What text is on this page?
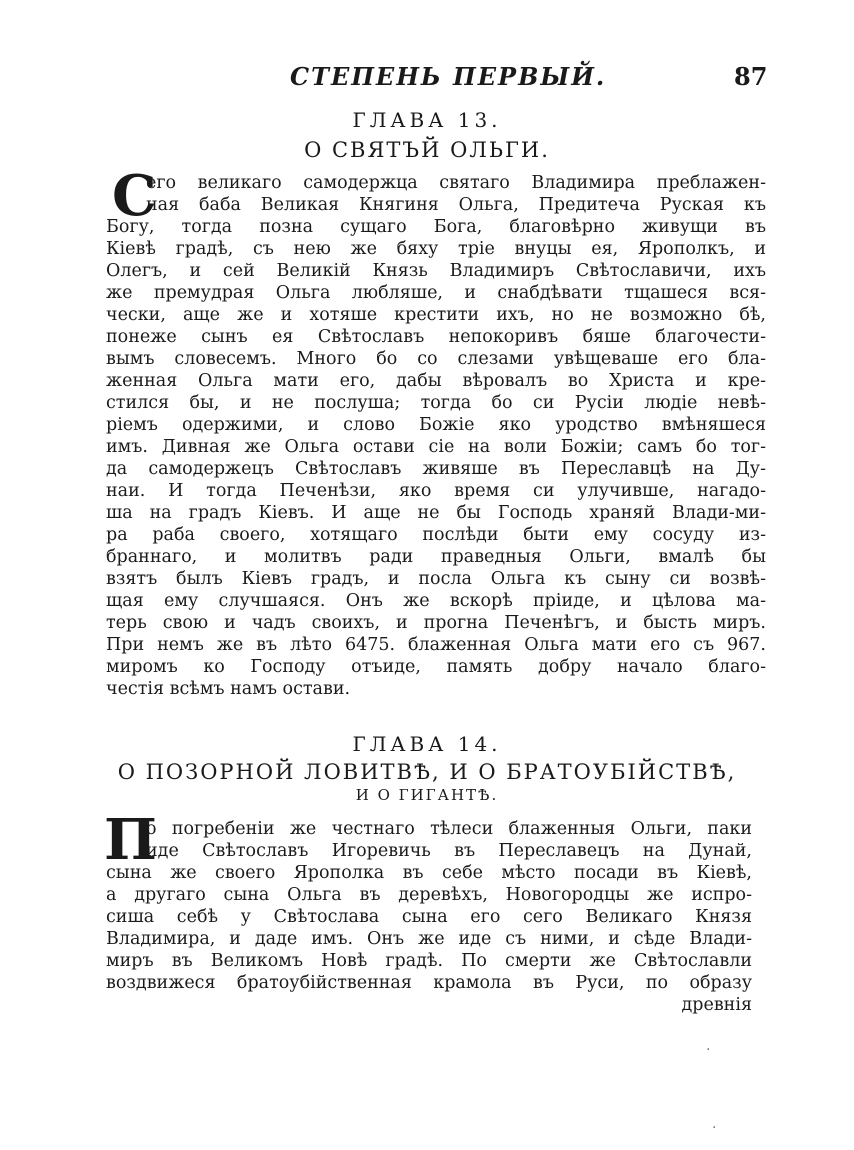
СТЕПЕНЬ ПЕРВЫЙ.	87
ГЛАВА 13.
О СВЯТЪЙ ОЛЬГИ.
С
его великаго самодержца святаго Владимира преблажен-
ная баба Великая Княгиня Ольга, Предитеча Руская къ
Богу, тогда позна сущаго Бога, благовѣрно живущи въ
Кiевѣ градѣ, съ нею же бяху трiе внуцы ея, Ярополкъ, и
Олегъ, и сей Великiй Князь Владимиръ Свѣтославичи, ихъ
же премудрая Ольга любляше, и снабдѣвати тщашеся вся-
чески, аще же и хотяше крестити ихъ, но не возможно бѣ,
понеже сынъ ея Свѣтославъ непокоривъ бяше благочести-
вымъ словесемъ. Много бо со слезами увѣщеваше его бла-
женная Ольга мати его, дабы вѣровалъ во Христа и кре-
стился бы, и не послуша; тогда бо си Русiи людiе невѣ-
рiемъ одержими, и слово Божiе яко уродство вмѣняшеся
имъ. Дивная же Ольга остави сiе на воли Божiи; самъ бо тог-
да самодержецъ Свѣтославъ живяше въ Переславцѣ на Ду-
наи. И тогда Печенѣзи, яко время си улучивше, нагадо-
ша на градъ Кiевъ. И аще не бы Господь храняй Влади-ми-
ра раба своего, хотящаго послѣди быти ему сосуду из-
браннаго, и молитвъ ради праведныя Ольги, вмалѣ бы
взятъ былъ Кiевъ градъ, и посла Ольга къ сыну си возвѣ-
щая ему случшаяся. Онъ же вскорѣ прiиде, и цѣлова ма-
терь свою и чадъ своихъ, и прогна Печенѣгъ, и бысть миръ.
При немъ же въ лѣто 6475. блаженная Ольга мати его съ 967.
миромъ ко Господу отъиде, память добру начало благо-
честiя всѣмъ намъ остави.
ГЛАВА 14.
О ПОЗОРНОЙ ЛОВИТВѢ, И О БРАТОУБIЙСТВѢ,
И О ГИГАНТѢ.
П
о погребенiи же честнаго тѣлеси блаженныя Ольги, паки
иде Свѣтославъ Игоревичь въ Переславецъ на Дунай,
сына же своего Ярополка въ себе мѣсто посади въ Кiевѣ,
а другаго сына Ольга въ деревѣхъ, Новогородцы же испро-
сиша себѣ у Свѣтослава сына его сего Великаго Князя
Владимира, и даде имъ. Онъ же иде съ ними, и сѣде Влади-
миръ въ Великомъ Новѣ градѣ. По смерти же Свѣтославли
воздвижеся братоубiйственная крамола въ Руси, по образу
древнiя
·
·
